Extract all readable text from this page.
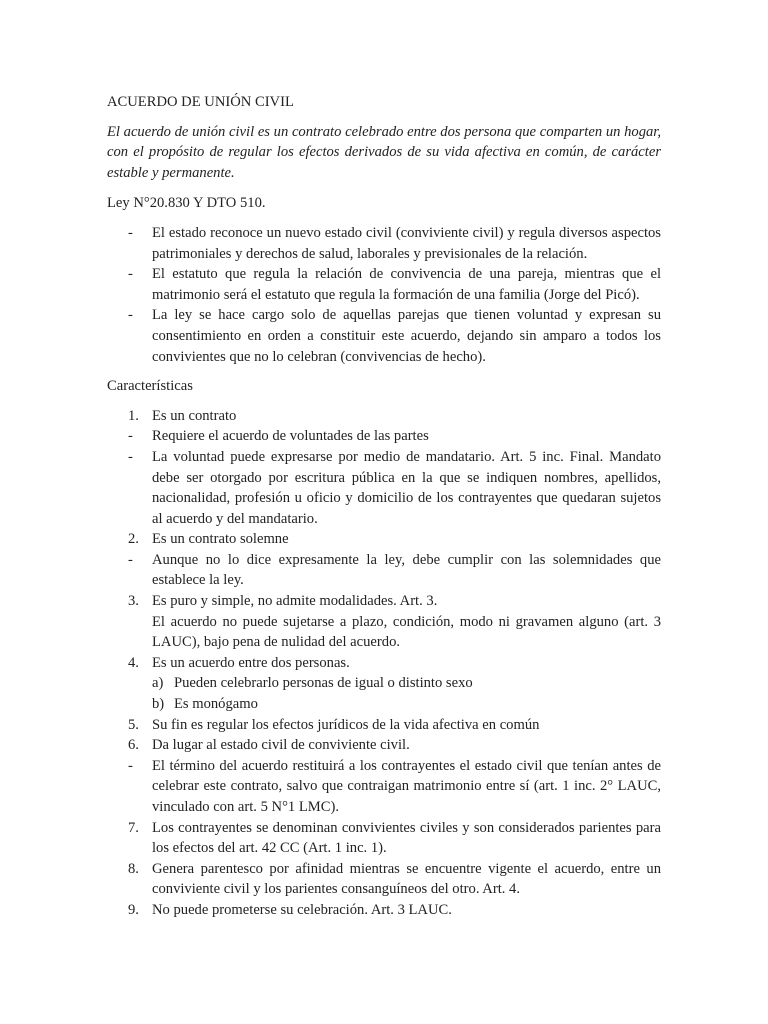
ACUERDO DE UNIÓN CIVIL
El acuerdo de unión civil es un contrato celebrado entre dos persona que comparten un hogar, con el propósito de regular los efectos derivados de su vida afectiva en común, de carácter estable y permanente.
Ley N°20.830 Y DTO 510.
-	El estado reconoce un nuevo estado civil (conviviente civil) y regula diversos aspectos patrimoniales y derechos de salud, laborales y previsionales de la relación.
-	El estatuto que regula la relación de convivencia de una pareja, mientras que el matrimonio será el estatuto que regula la formación de una familia (Jorge del Picó).
-	La ley se hace cargo solo de aquellas parejas que tienen voluntad y expresan su consentimiento en orden a constituir este acuerdo, dejando sin amparo a todos los convivientes que no lo celebran (convivencias de hecho).
Características
1. Es un contrato
-	Requiere el acuerdo de voluntades de las partes
-	La voluntad puede expresarse por medio de mandatario. Art. 5 inc. Final. Mandato debe ser otorgado por escritura pública en la que se indiquen nombres, apellidos, nacionalidad, profesión u oficio y domicilio de los contrayentes que quedaran sujetos al acuerdo y del mandatario.
2. Es un contrato solemne
-	Aunque no lo dice expresamente la ley, debe cumplir con las solemnidades que establece la ley.
3. Es puro y simple, no admite modalidades. Art. 3.
El acuerdo no puede sujetarse a plazo, condición, modo ni gravamen alguno (art. 3 LAUC), bajo pena de nulidad del acuerdo.
4. Es un acuerdo entre dos personas.
a) Pueden celebrarlo personas de igual o distinto sexo
b) Es monógamo
5. Su fin es regular los efectos jurídicos de la vida afectiva en común
6. Da lugar al estado civil de conviviente civil.
-	El término del acuerdo restituirá a los contrayentes el estado civil que tenían antes de celebrar este contrato, salvo que contraigan matrimonio entre sí (art. 1 inc. 2° LAUC, vinculado con art. 5 N°1 LMC).
7. Los contrayentes se denominan convivientes civiles y son considerados parientes para los efectos del art. 42 CC (Art. 1 inc. 1).
8. Genera parentesco por afinidad mientras se encuentre vigente el acuerdo, entre un conviviente civil y los parientes consanguíneos del otro. Art. 4.
9. No puede prometerse su celebración. Art. 3 LAUC.
